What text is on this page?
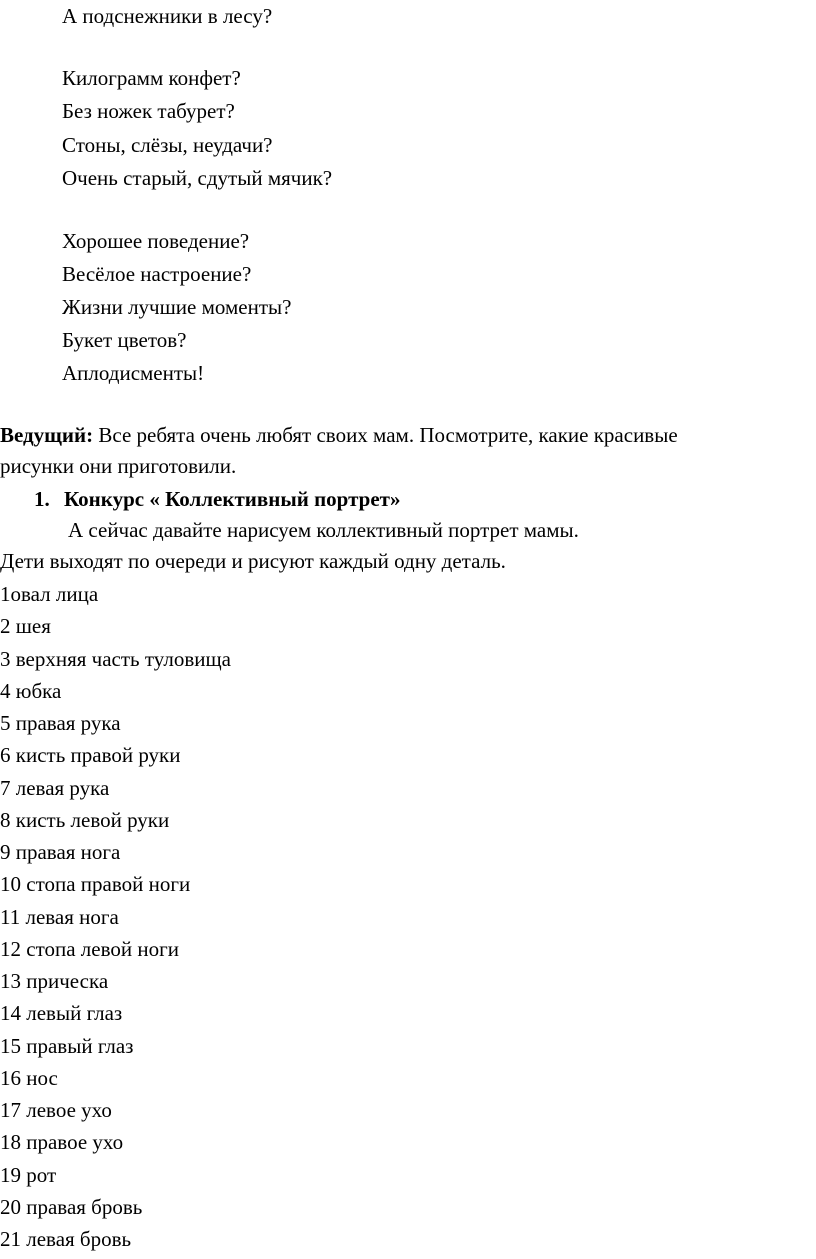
А подснежники в лесу?
Килограмм конфет?
Без ножек табурет?
Стоны, слёзы, неудачи?
Очень старый, сдутый мячик?
Хорошее поведение?
Весёлое настроение?
Жизни лучшие моменты?
Букет цветов?
Аплодисменты!
Ведущий: Все ребята очень любят своих мам. Посмотрите, какие красивые
рисунки они приготовили.
1. Конкурс « Коллективный портрет»
А сейчас давайте нарисуем коллективный портрет мамы.
Дети выходят по очереди и рисуют каждый одну деталь.
1овал лица
2 шея
3 верхняя часть туловища
4 юбка
5 правая рука
6 кисть правой руки
7 левая рука
8 кисть левой руки
9 правая нога
10 стопа правой ноги
11 левая нога
12 стопа левой ноги
13 прическа
14 левый глаз
15 правый глаз
16 нос
17 левое ухо
18 правое ухо
19 рот
20 правая бровь
21 левая бровь
